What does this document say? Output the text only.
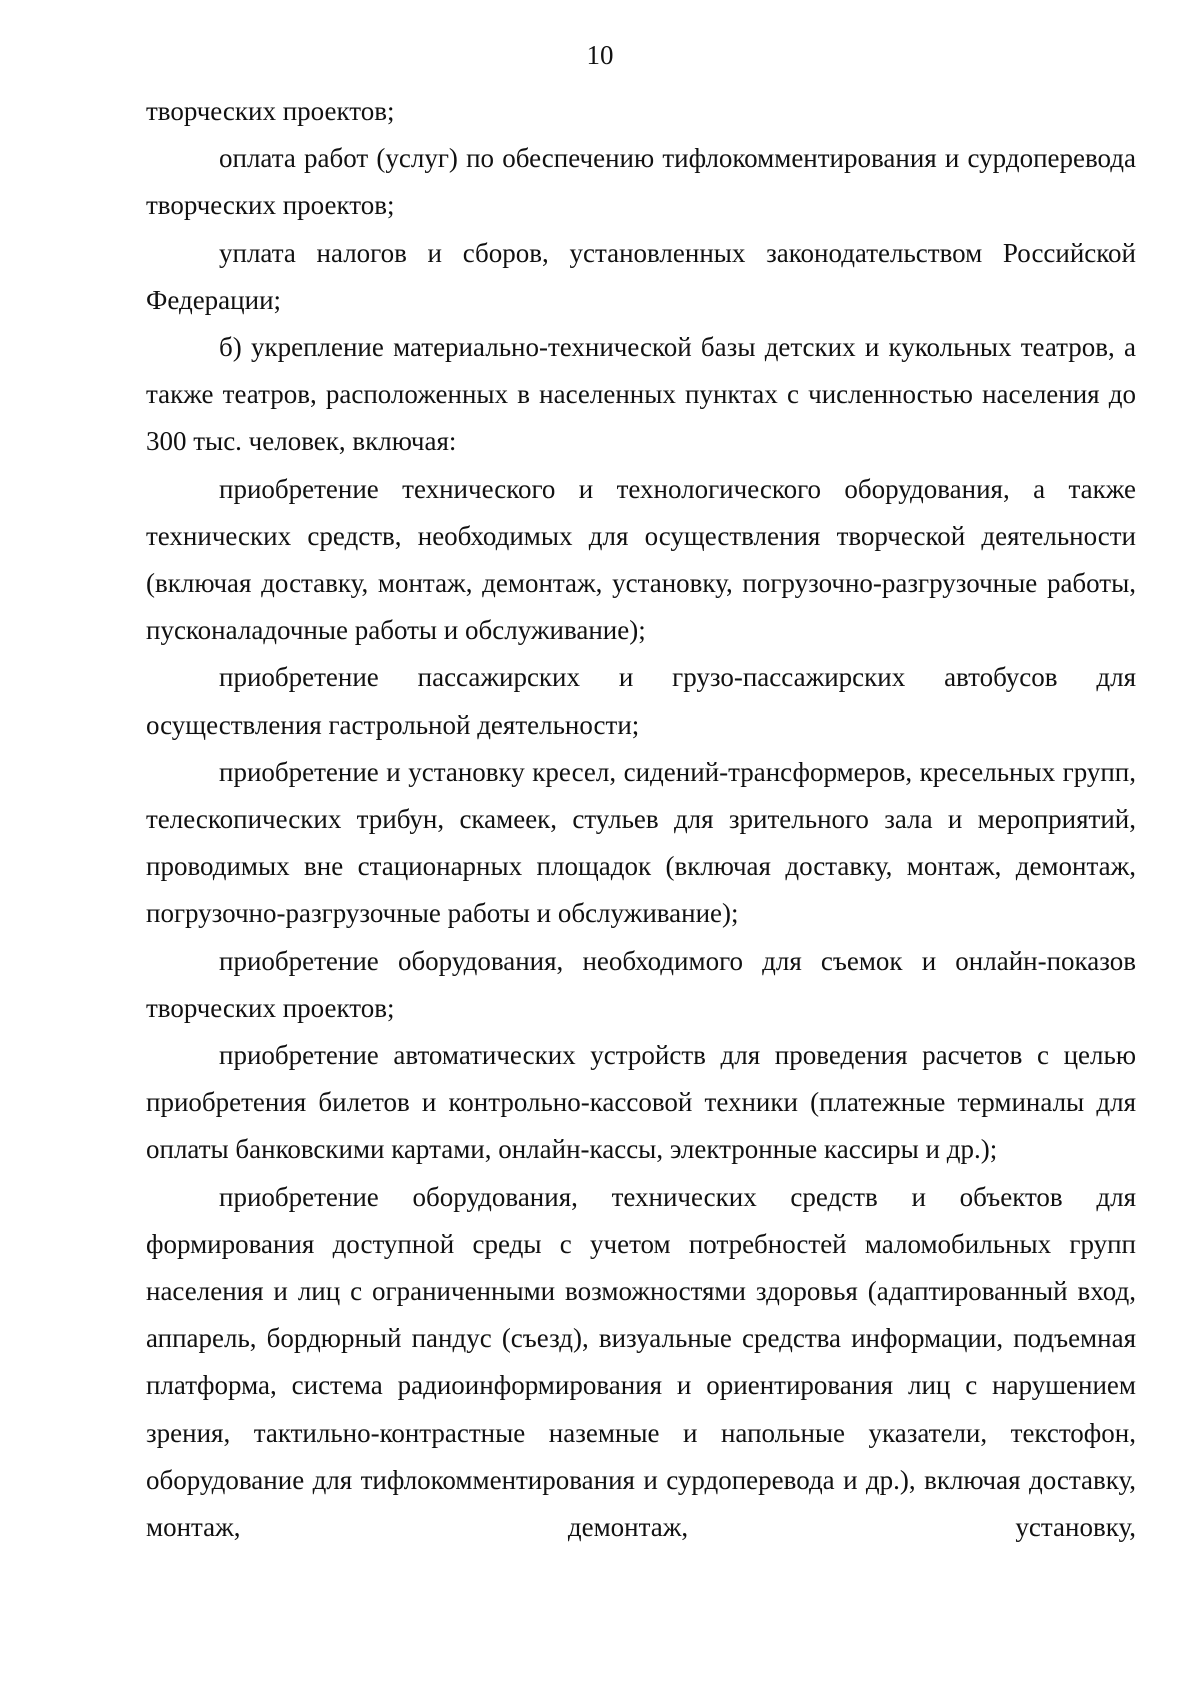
10

творческих проектов;

оплата работ (услуг) по обеспечению тифлокомментирования и сурдоперевода творческих проектов;

уплата налогов и сборов, установленных законодательством Российской Федерации;

б) укрепление материально-технической базы детских и кукольных театров, а также театров, расположенных в населенных пунктах с численностью населения до 300 тыс. человек, включая:

приобретение технического и технологического оборудования, а также технических средств, необходимых для осуществления творческой деятельности (включая доставку, монтаж, демонтаж, установку, погрузочно-разгрузочные работы, пусконаладочные работы и обслуживание);

приобретение пассажирских и грузо-пассажирских автобусов для осуществления гастрольной деятельности;

приобретение и установку кресел, сидений-трансформеров, кресельных групп, телескопических трибун, скамеек, стульев для зрительного зала и мероприятий, проводимых вне стационарных площадок (включая доставку, монтаж, демонтаж, погрузочно-разгрузочные работы и обслуживание);

приобретение оборудования, необходимого для съемок и онлайн-показов творческих проектов;

приобретение автоматических устройств для проведения расчетов с целью приобретения билетов и контрольно-кассовой техники (платежные терминалы для оплаты банковскими картами, онлайн-кассы, электронные кассиры и др.);

приобретение оборудования, технических средств и объектов для формирования доступной среды с учетом потребностей маломобильных групп населения и лиц с ограниченными возможностями здоровья (адаптированный вход, аппарель, бордюрный пандус (съезд), визуальные средства информации, подъемная платформа, система радиоинформирования и ориентирования лиц с нарушением зрения, тактильно-контрастные наземные и напольные указатели, текстофон, оборудование для тифлокомментирования и сурдоперевода и др.), включая доставку, монтаж, демонтаж, установку,
